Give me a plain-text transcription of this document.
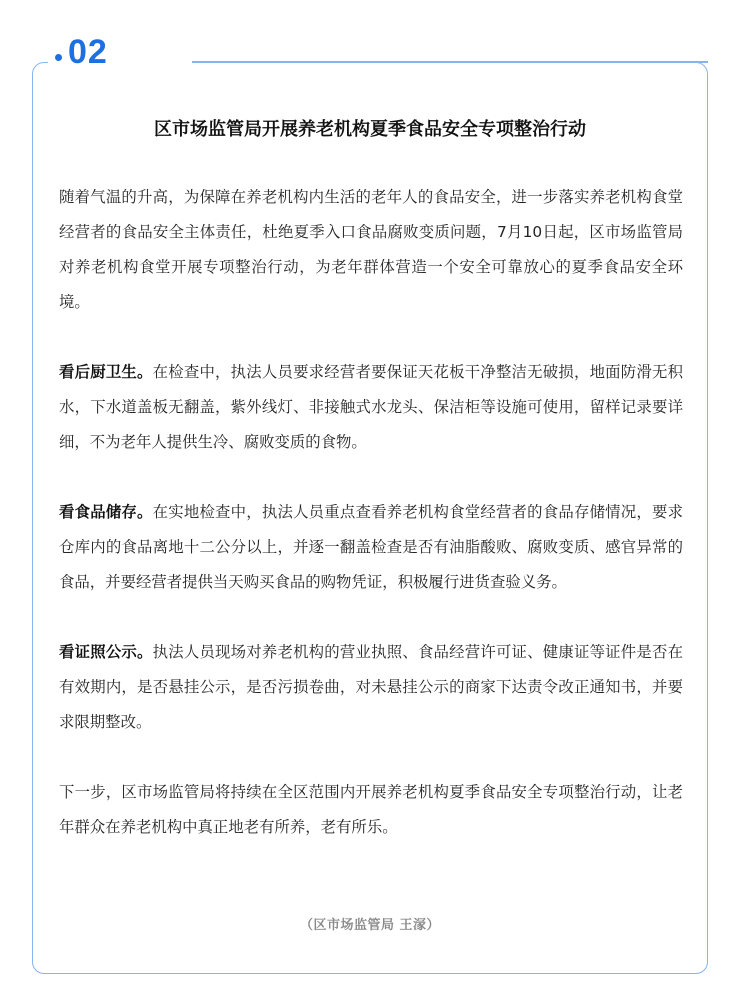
02
区市场监管局开展养老机构夏季食品安全专项整治行动

随着气温的升高，为保障在养老机构内生活的老年人的食品安全，进一步落实养老机构食堂经营者的食品安全主体责任，杜绝夏季入口食品腐败变质问题，7月10日起，区市场监管局对养老机构食堂开展专项整治行动，为老年群体营造一个安全可靠放心的夏季食品安全环境。

看后厨卫生。在检查中，执法人员要求经营者要保证天花板干净整洁无破损，地面防滑无积水，下水道盖板无翻盖，紫外线灯、非接触式水龙头、保洁柜等设施可使用，留样记录要详细，不为老年人提供生冷、腐败变质的食物。

看食品储存。在实地检查中，执法人员重点查看养老机构食堂经营者的食品存储情况，要求仓库内的食品离地十二公分以上，并逐一翻盖检查是否有油脂酸败、腐败变质、感官异常的食品，并要经营者提供当天购买食品的购物凭证，积极履行进货查验义务。

看证照公示。执法人员现场对养老机构的营业执照、食品经营许可证、健康证等证件是否在有效期内，是否悬挂公示，是否污损卷曲，对未悬挂公示的商家下达责令改正通知书，并要求限期整改。

下一步，区市场监管局将持续在全区范围内开展养老机构夏季食品安全专项整治行动，让老年群众在养老机构中真正地老有所养，老有所乐。

（区市场监管局 王溕）
